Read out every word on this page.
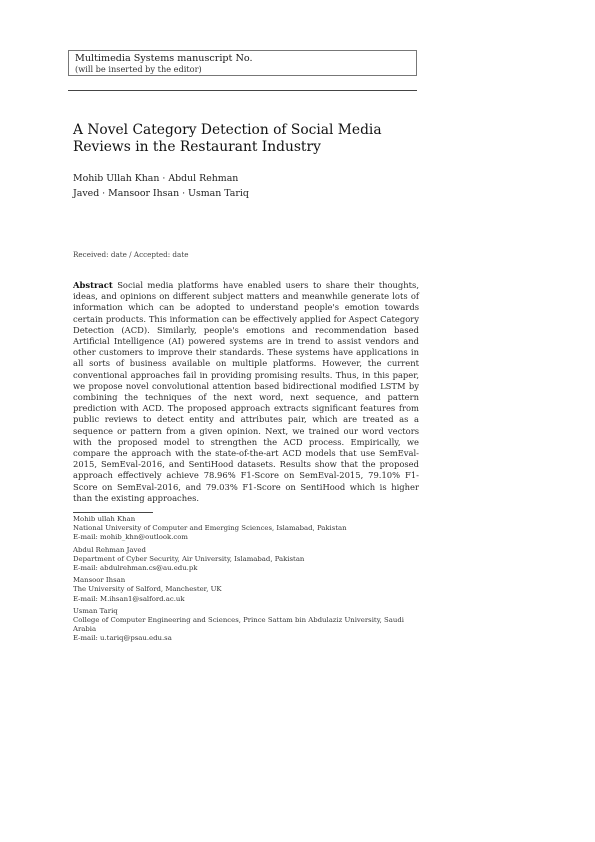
Multimedia Systems manuscript No.
(will be inserted by the editor)
A Novel Category Detection of Social Media Reviews in the Restaurant Industry
Mohib Ullah Khan · Abdul Rehman
Javed · Mansoor Ihsan · Usman Tariq
Received: date / Accepted: date
Abstract Social media platforms have enabled users to share their thoughts, ideas, and opinions on different subject matters and meanwhile generate lots of information which can be adopted to understand people's emotion towards certain products. This information can be effectively applied for Aspect Category Detection (ACD). Similarly, people's emotions and recommendation based Artificial Intelligence (AI) powered systems are in trend to assist vendors and other customers to improve their standards. These systems have applications in all sorts of business available on multiple platforms. However, the current conventional approaches fail in providing promising results. Thus, in this paper, we propose novel convolutional attention based bidirectional modified LSTM by combining the techniques of the next word, next sequence, and pattern prediction with ACD. The proposed approach extracts significant features from public reviews to detect entity and attributes pair, which are treated as a sequence or pattern from a given opinion. Next, we trained our word vectors with the proposed model to strengthen the ACD process. Empirically, we compare the approach with the state-of-the-art ACD models that use SemEval-2015, SemEval-2016, and SentiHood datasets. Results show that the proposed approach effectively achieve 78.96% F1-Score on SemEval-2015, 79.10% F1-Score on SemEval-2016, and 79.03% F1-Score on SentiHood which is higher than the existing approaches.
Mohib ullah Khan
National University of Computer and Emerging Sciences, Islamabad, Pakistan
E-mail: mohib_khn@outlook.com
Abdul Rehman Javed
Department of Cyber Security, Air University, Islamabad, Pakistan
E-mail: abdulrehman.cs@au.edu.pk
Mansoor Ihsan
The University of Salford, Manchester, UK
E-mail: M.ihsan1@salford.ac.uk
Usman Tariq
College of Computer Engineering and Sciences, Prince Sattam bin Abdulaziz University, Saudi Arabia
E-mail: u.tariq@psau.edu.sa
